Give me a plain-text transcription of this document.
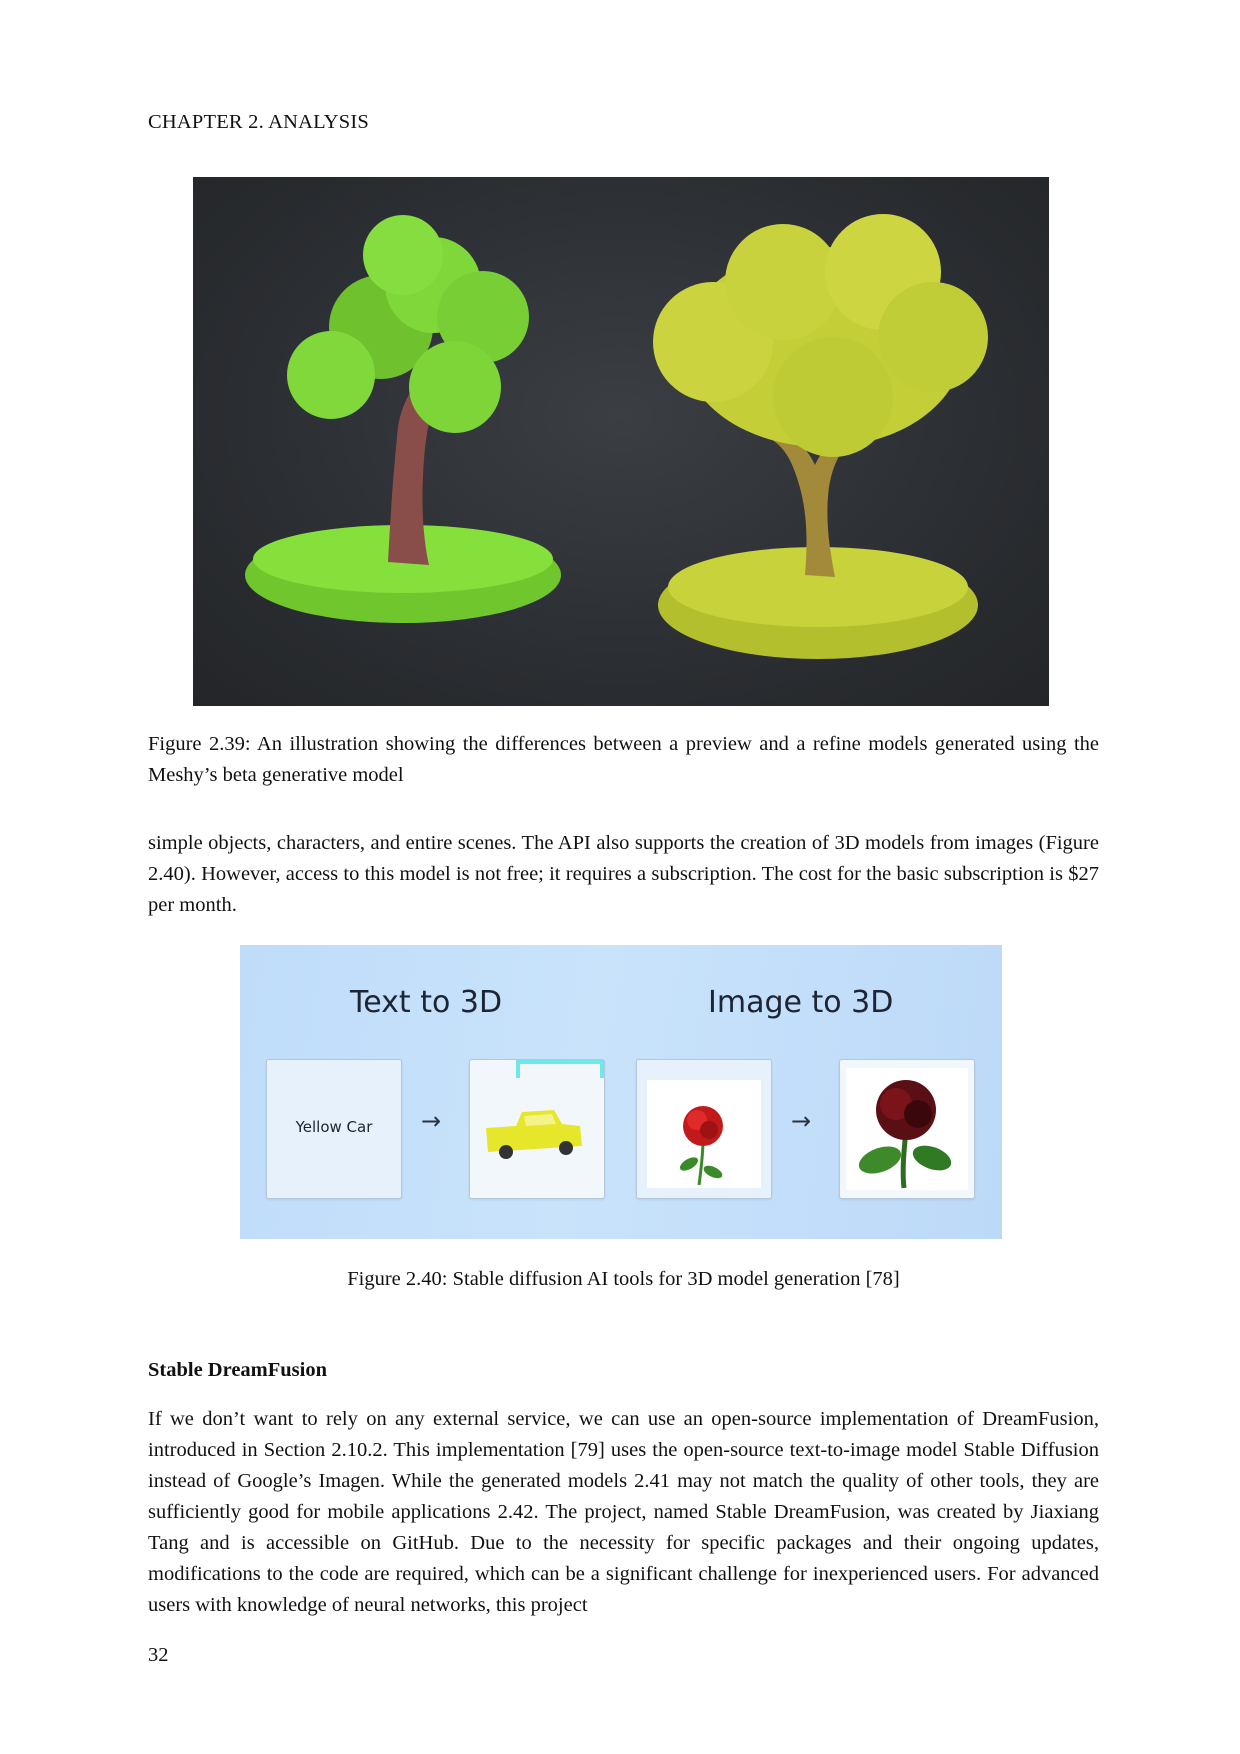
CHAPTER 2. ANALYSIS
Figure 2.39: An illustration showing the differences between a preview and a refine models generated using the Meshy’s beta generative model
simple objects, characters, and entire scenes. The API also supports the creation of 3D models from images (Figure 2.40). However, access to this model is not free; it requires a subscription. The cost for the basic subscription is $27 per month.
Text to 3D	Image to 3D
Yellow Car	→	→
Figure 2.40: Stable diffusion AI tools for 3D model generation [78]
Stable DreamFusion
If we don’t want to rely on any external service, we can use an open-source implementation of DreamFusion, introduced in Section 2.10.2. This implementation [79] uses the open-source text-to-image model Stable Diffusion instead of Google’s Imagen. While the generated models 2.41 may not match the quality of other tools, they are sufficiently good for mobile applications 2.42. The project, named Stable DreamFusion, was created by Jiaxiang Tang and is accessible on GitHub. Due to the necessity for specific packages and their ongoing updates, modifications to the code are required, which can be a significant challenge for inexperienced users. For advanced users with knowledge of neural networks, this project
32
